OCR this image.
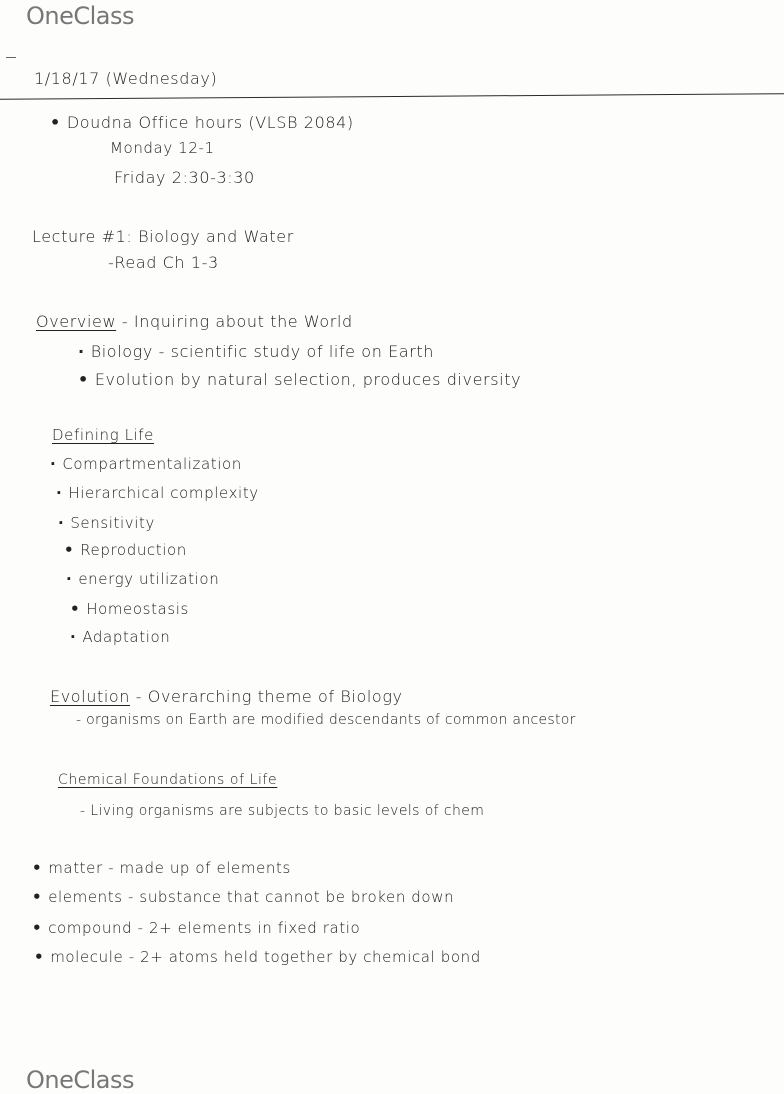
OneClass
1/18/17 (Wednesday)
• Doudna Office hours (VLSB 2084)
Monday 12-1
Friday 2:30-3:30
Lecture #1: Biology and Water
-Read Ch 1-3
Overview - Inquiring about the World
· Biology - scientific study of life on Earth
• Evolution by natural selection, produces diversity
Defining Life
· Compartmentalization
· Hierarchical complexity
· Sensitivity
• Reproduction
· energy utilization
• Homeostasis
· Adaptation
Evolution - Overarching theme of Biology
- organisms on Earth are modified descendants of common ancestor
Chemical Foundations of Life
- Living organisms are subjects to basic levels of chem
• matter - made up of elements
• elements - substance that cannot be broken down
• compound - 2+ elements in fixed ratio
• molecule - 2+ atoms held together by chemical bond
OneClass
